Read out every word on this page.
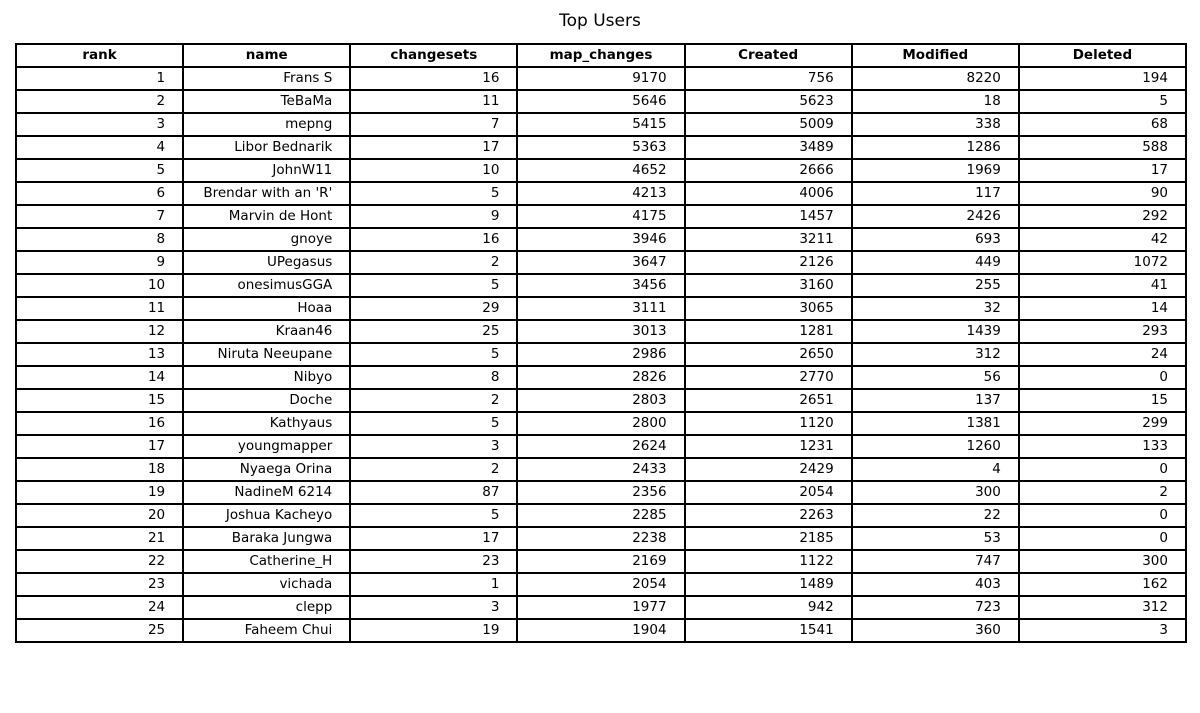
Top Users
rank	name	changesets	map_changes	Created	Modified	Deleted
1	Frans S	16	9170	756	8220	194
2	TeBaMa	11	5646	5623	18	5
3	mepng	7	5415	5009	338	68
4	Libor Bednarik	17	5363	3489	1286	588
5	JohnW11	10	4652	2666	1969	17
6	Brendar with an 'R'	5	4213	4006	117	90
7	Marvin de Hont	9	4175	1457	2426	292
8	gnoye	16	3946	3211	693	42
9	UPegasus	2	3647	2126	449	1072
10	onesimusGGA	5	3456	3160	255	41
11	Hoaa	29	3111	3065	32	14
12	Kraan46	25	3013	1281	1439	293
13	Niruta Neeupane	5	2986	2650	312	24
14	Nibyo	8	2826	2770	56	0
15	Doche	2	2803	2651	137	15
16	Kathyaus	5	2800	1120	1381	299
17	youngmapper	3	2624	1231	1260	133
18	Nyaega Orina	2	2433	2429	4	0
19	NadineM 6214	87	2356	2054	300	2
20	Joshua Kacheyo	5	2285	2263	22	0
21	Baraka Jungwa	17	2238	2185	53	0
22	Catherine_H	23	2169	1122	747	300
23	vichada	1	2054	1489	403	162
24	clepp	3	1977	942	723	312
25	Faheem Chui	19	1904	1541	360	3
